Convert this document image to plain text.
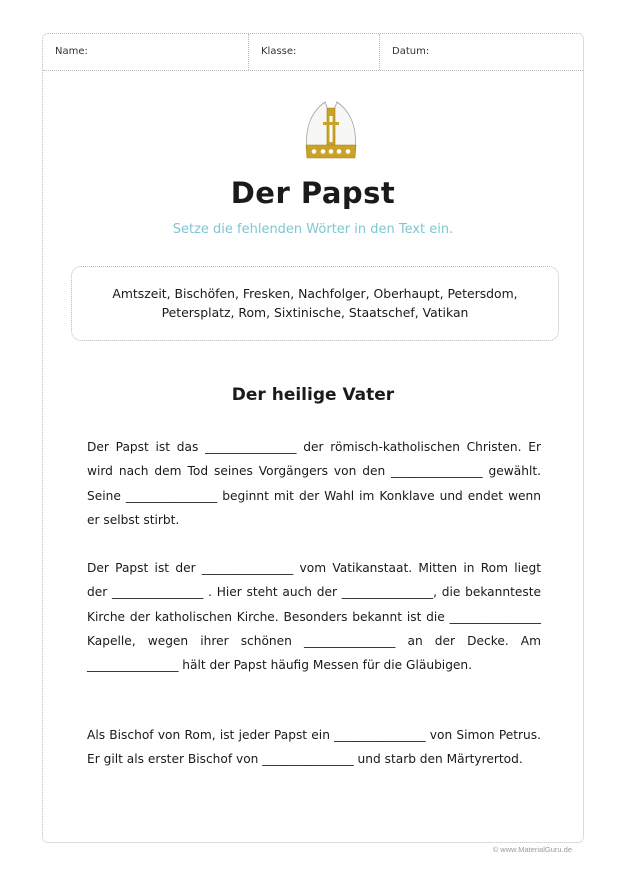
Name:	Klasse:	Datum:
Der Papst
Setze die fehlenden Wörter in den Text ein.
Amtszeit, Bischöfen, Fresken, Nachfolger, Oberhaupt, Petersdom,
Petersplatz, Rom, Sixtinische, Staatschef, Vatikan
Der heilige Vater

Der Papst ist das _______________ der römisch-katholischen Christen. Er wird nach dem Tod seines Vorgängers von den _______________ gewählt. Seine _______________ beginnt mit der Wahl im Konklave und endet wenn er selbst stirbt.

Der Papst ist der _______________ vom Vatikanstaat. Mitten in Rom liegt der _______________ . Hier steht auch der _______________, die bekannteste Kirche der katholischen Kirche. Besonders bekannt ist die _______________ Kapelle, wegen ihrer schönen _______________ an der Decke. Am _______________ hält der Papst häufig Messen für die Gläubigen.

Als Bischof von Rom, ist jeder Papst ein _______________ von Simon Petrus. Er gilt als erster Bischof von _______________ und starb den Märtyrertod.

© www.MaterialGuru.de
